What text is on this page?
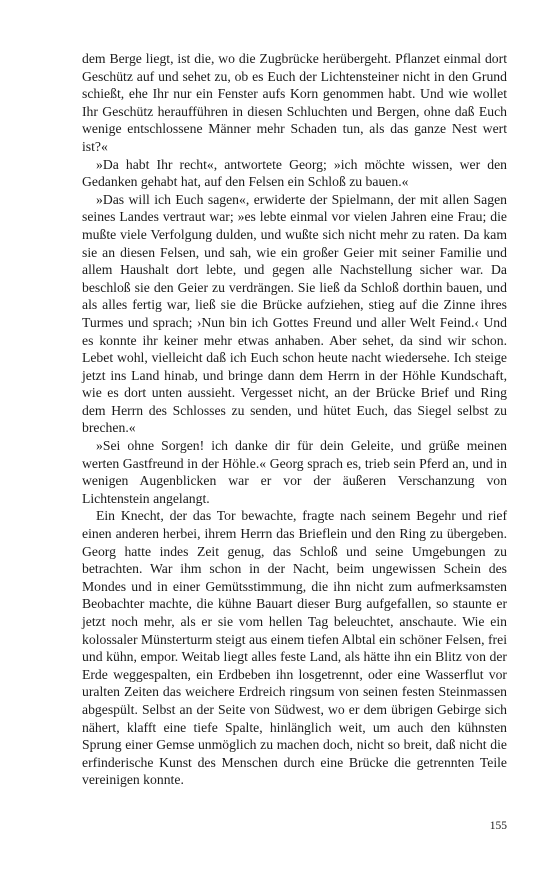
dem Berge liegt, ist die, wo die Zugbrücke herübergeht. Pflanzet einmal dort Geschütz auf und sehet zu, ob es Euch der Lichtensteiner nicht in den Grund schießt, ehe Ihr nur ein Fenster aufs Korn genommen habt. Und wie wollet Ihr Geschütz heraufführen in diesen Schluchten und Bergen, ohne daß Euch wenige entschlossene Männer mehr Schaden tun, als das ganze Nest wert ist?«

»Da habt Ihr recht«, antwortete Georg; »ich möchte wissen, wer den Gedanken gehabt hat, auf den Felsen ein Schloß zu bauen.«

»Das will ich Euch sagen«, erwiderte der Spielmann, der mit allen Sagen seines Landes vertraut war; »es lebte einmal vor vielen Jahren eine Frau; die mußte viele Verfolgung dulden, und wußte sich nicht mehr zu raten. Da kam sie an diesen Felsen, und sah, wie ein großer Geier mit seiner Familie und allem Haushalt dort lebte, und gegen alle Nachstellung sicher war. Da beschloß sie den Geier zu verdrängen. Sie ließ da Schloß dorthin bauen, und als alles fertig war, ließ sie die Brücke aufziehen, stieg auf die Zinne ihres Turmes und sprach; ›Nun bin ich Gottes Freund und aller Welt Feind.‹ Und es konnte ihr keiner mehr etwas anhaben. Aber sehet, da sind wir schon. Lebet wohl, vielleicht daß ich Euch schon heute nacht wiedersehe. Ich steige jetzt ins Land hinab, und bringe dann dem Herrn in der Höhle Kundschaft, wie es dort unten aussieht. Vergesset nicht, an der Brücke Brief und Ring dem Herrn des Schlosses zu senden, und hütet Euch, das Siegel selbst zu brechen.«

»Sei ohne Sorgen! ich danke dir für dein Geleite, und grüße meinen werten Gastfreund in der Höhle.« Georg sprach es, trieb sein Pferd an, und in wenigen Augenblicken war er vor der äußeren Verschanzung von Lichtenstein angelangt.

Ein Knecht, der das Tor bewachte, fragte nach seinem Begehr und rief einen anderen herbei, ihrem Herrn das Brieflein und den Ring zu übergeben. Georg hatte indes Zeit genug, das Schloß und seine Umgebungen zu betrachten. War ihm schon in der Nacht, beim ungewissen Schein des Mondes und in einer Gemütsstimmung, die ihn nicht zum aufmerksamsten Beobachter machte, die kühne Bauart dieser Burg aufgefallen, so staunte er jetzt noch mehr, als er sie vom hellen Tag beleuchtet, anschaute. Wie ein kolossaler Münsterturm steigt aus einem tiefen Albtal ein schöner Felsen, frei und kühn, empor. Weitab liegt alles feste Land, als hätte ihn ein Blitz von der Erde weggespalten, ein Erdbeben ihn losgetrennt, oder eine Wasserflut vor uralten Zeiten das weichere Erdreich ringsum von seinen festen Steinmassen abgespült. Selbst an der Seite von Südwest, wo er dem übrigen Gebirge sich nähert, klafft eine tiefe Spalte, hinlänglich weit, um auch den kühnsten Sprung einer Gemse unmöglich zu machen doch, nicht so breit, daß nicht die erfinderische Kunst des Menschen durch eine Brücke die getrennten Teile vereinigen konnte.

155
